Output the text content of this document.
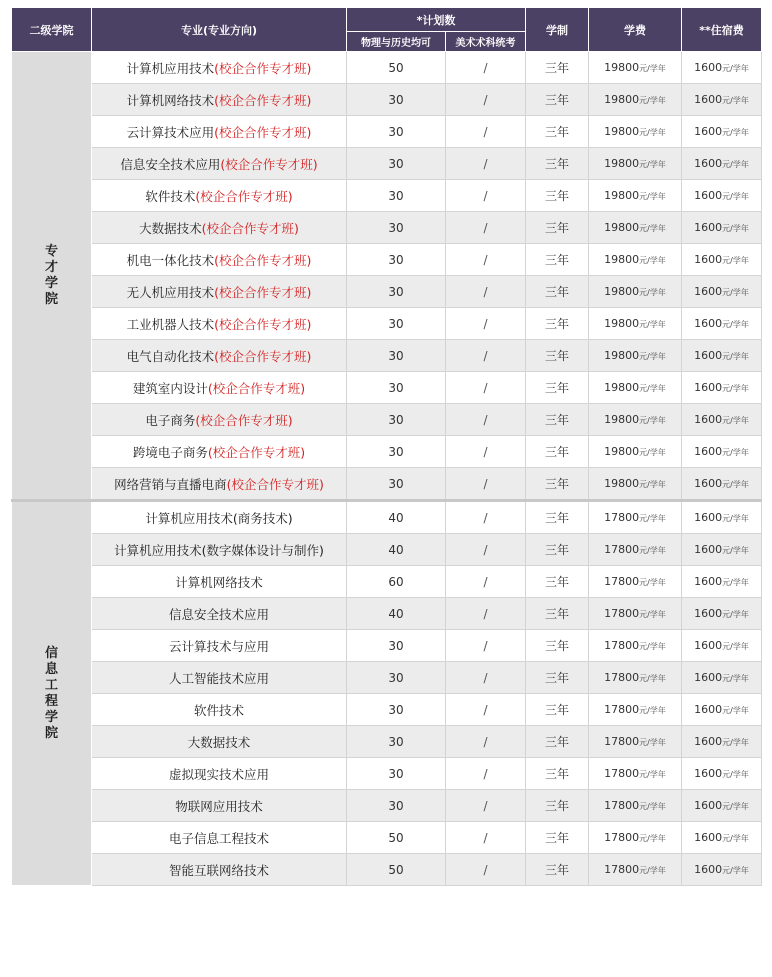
二级学院	专业(专业方向)	*计划数		学制	学费	**住宿费
		物理与历史均可	美术术科统考			
专才学院	计算机应用技术(校企合作专才班)	50	/	三年	19800元/学年	1600元/学年
	计算机网络技术(校企合作专才班)	30	/	三年	19800元/学年	1600元/学年
	云计算技术应用(校企合作专才班)	30	/	三年	19800元/学年	1600元/学年
	信息安全技术应用(校企合作专才班)	30	/	三年	19800元/学年	1600元/学年
	软件技术(校企合作专才班)	30	/	三年	19800元/学年	1600元/学年
	大数据技术(校企合作专才班)	30	/	三年	19800元/学年	1600元/学年
	机电一体化技术(校企合作专才班)	30	/	三年	19800元/学年	1600元/学年
	无人机应用技术(校企合作专才班)	30	/	三年	19800元/学年	1600元/学年
	工业机器人技术(校企合作专才班)	30	/	三年	19800元/学年	1600元/学年
	电气自动化技术(校企合作专才班)	30	/	三年	19800元/学年	1600元/学年
	建筑室内设计(校企合作专才班)	30	/	三年	19800元/学年	1600元/学年
	电子商务(校企合作专才班)	30	/	三年	19800元/学年	1600元/学年
	跨境电子商务(校企合作专才班)	30	/	三年	19800元/学年	1600元/学年
	网络营销与直播电商(校企合作专才班)	30	/	三年	19800元/学年	1600元/学年
信息工程学院	计算机应用技术(商务技术)	40	/	三年	17800元/学年	1600元/学年
	计算机应用技术(数字媒体设计与制作)	40	/	三年	17800元/学年	1600元/学年
	计算机网络技术	60	/	三年	17800元/学年	1600元/学年
	信息安全技术应用	40	/	三年	17800元/学年	1600元/学年
	云计算技术与应用	30	/	三年	17800元/学年	1600元/学年
	人工智能技术应用	30	/	三年	17800元/学年	1600元/学年
	软件技术	30	/	三年	17800元/学年	1600元/学年
	大数据技术	30	/	三年	17800元/学年	1600元/学年
	虚拟现实技术应用	30	/	三年	17800元/学年	1600元/学年
	物联网应用技术	30	/	三年	17800元/学年	1600元/学年
	电子信息工程技术	50	/	三年	17800元/学年	1600元/学年
	智能互联网络技术	50	/	三年	17800元/学年	1600元/学年
